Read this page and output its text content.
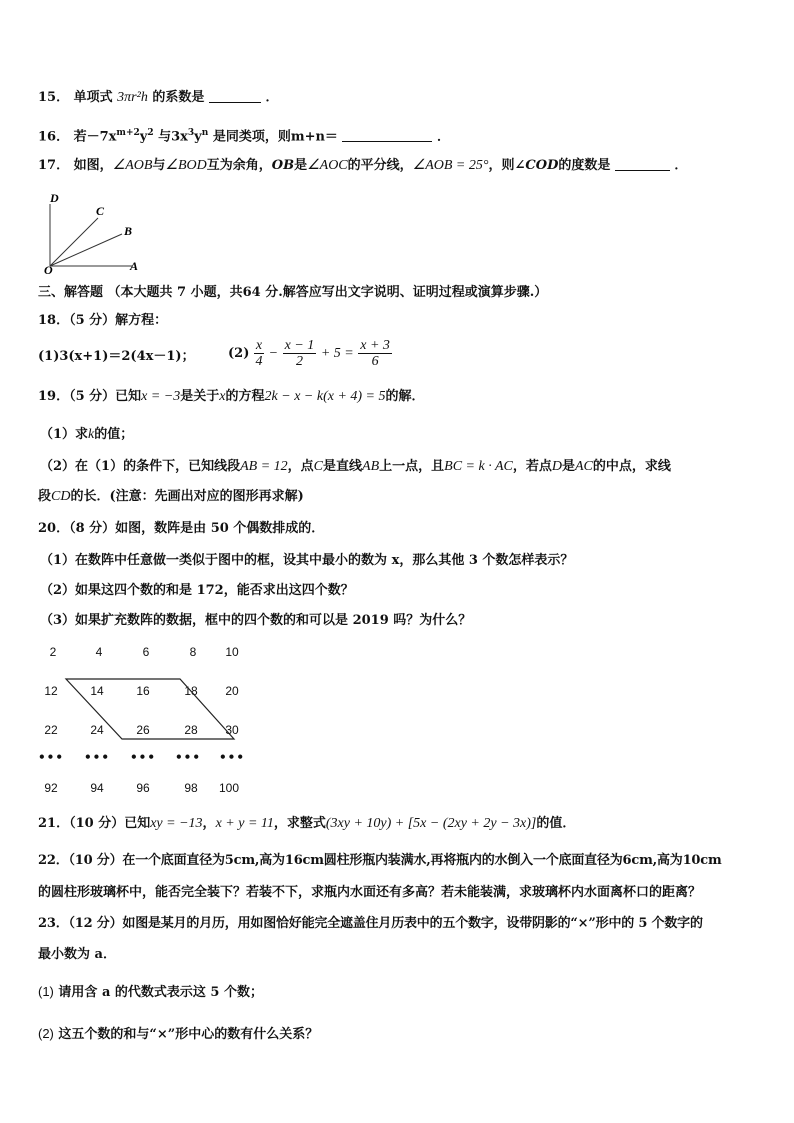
15． 单项式 3πr²h 的系数是	．
16． 若$-7x^{m+2}y^2$ 与$3x^3y^n$ 是同类项，则m+n＝	．
17． 如图，∠AOB与∠BOD互为余角，OB是∠AOC的平分线，∠AOB = 25°，则∠COD的度数是	．
D
C
B
O	A
三、解答题 （本大题共 7 小题，共64 分.解答应写出文字说明、证明过程或演算步骤.）
18．（5 分）解方程：
(1)3(x+1)＝2(4x－1)；	$(2) \frac{x}{4} - \frac{x - 1}{2} + 5 = \frac{x + 3}{6}$
19．（5 分）已知x = −3是关于x的方程2k − x − k(x + 4) = 5的解．
（1）求k的值；
（2）在（1）的条件下，已知线段AB = 12，点C是直线AB上一点，且BC = k · AC，若点D是AC的中点，求线
段CD的长．(注意：先画出对应的图形再求解)
20．（8 分）如图，数阵是由 50 个偶数排成的．
（1）在数阵中任意做一类似于图中的框，设其中最小的数为 x，那么其他 3 个数怎样表示？
（2）如果这四个数的和是 172，能否求出这四个数？
（3）如果扩充数阵的数据，框中的四个数的和可以是 2019 吗？为什么？
2	4	6	8	10
12	14	16	18	20
22	24	26	28	30
••• ••• ••• ••• •••
92	94	96	98	100
21．（10 分）已知xy = −13，x + y = 11，求整式(3xy + 10y) + [5x − (2xy + 2y − 3x)]的值．
22．（10 分）在一个底面直径为5cm,高为16cm圆柱形瓶内装满水,再将瓶内的水倒入一个底面直径为6cm,高为10cm
的圆柱形玻璃杯中，能否完全装下？若装不下，求瓶内水面还有多高？若未能装满，求玻璃杯内水面离杯口的距离？
23．（12 分）如图是某月的月历，用如图恰好能完全遮盖住月历表中的五个数字，设带阴影的“×”形中的 5 个数字的
最小数为 a．
(1) 请用含 a 的代数式表示这 5 个数；
(2) 这五个数的和与“×”形中心的数有什么关系？
